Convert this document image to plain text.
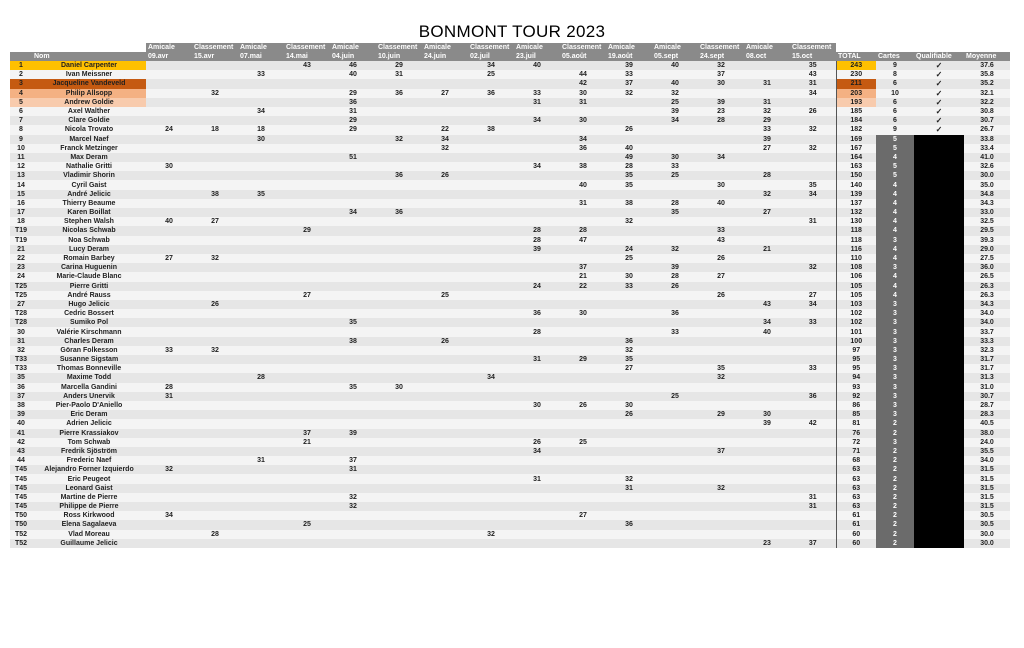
BONMONT TOUR 2023
		Amicale	Classement	Amicale	Classement	Amicale	Classement	Amicale	Classement	Amicale	Classement	Amicale	Amicale	Classement	Amicale	Classement				
	Nom	09.avr	15.avr	07.mai	14.mai	04.juin	10.juin	24.juin	02.juil	23.juil	05.août	19.août	05.sept	24.sept	08.oct	15.oct	TOTAL	Cartes	Qualifiable	Moyenne
1	Daniel Carpenter				43	46	29		34	40		39	40	32		35	243	9	✓	37.6
2	Ivan Meissner			33		40	31		25		44	33		37		43	230	8	✓	35.8
3	Jacqueline Vandeveld										42	37	40	30	31	31	211	6	✓	35.2
4	Philip Allsopp		32			29	36	27	36	33	30	32	32			34	203	10	✓	32.1
5	Andrew Goldie					36				31	31		25	39	31		193	6	✓	32.2
6	Axel Walther			34		31							39	23	32	26	185	6	✓	30.8
7	Clare Goldie					29				34	30		34	28	29		184	6	✓	30.7
8	Nicola Trovato	24	18	18		29		22	38			26			33	32	182	9	✓	26.7
9	Marcel Naef			30			32	34			34				39		169	5		33.8
10	Franck Metzinger							32			36	40			27	32	167	5		33.4
11	Max Deram					51						49	30	34			164	4		41.0
12	Nathalie Gritti	30								34	38	28	33				163	5		32.6
13	Vladimir Shorin						36	26				35	25		28		150	5		30.0
14	Cyril Gaist										40	35		30		35	140	4		35.0
15	André Jelicic		38	35											32	34	139	4		34.8
16	Thierry Beaume										31	38	28	40			137	4		34.3
17	Karen Boillat					34	36						35		27		132	4		33.0
18	Stephen Walsh	40	27									32				31	130	4		32.5
T19	Nicolas Schwab				29					28	28			33			118	4		29.5
T19	Noa Schwab									28	47			43			118	3		39.3
21	Lucy Deram									39		24	32		21		116	4		29.0
22	Romain Barbey	27	32									25		26			110	4		27.5
23	Carina Huguenin										37		39			32	108	3		36.0
24	Marie-Claude Blanc										21	30	28	27			106	4		26.5
T25	Pierre Gritti									24	22	33	26				105	4		26.3
T25	André Rauss				27			25						26		27	105	4		26.3
27	Hugo Jelicic		26												43	34	103	3		34.3
T28	Cedric Bossert									36	30		36				102	3		34.0
T28	Sumiko Pol					35									34	33	102	3		34.0
30	Valérie Kirschmann									28			33		40		101	3		33.7
31	Charles Deram					38		26				36					100	3		33.3
32	Göran Folkesson	33	32									32					97	3		32.3
T33	Susanne Sigstam									31	29	35					95	3		31.7
T33	Thomas Bonneville											27		35		33	95	3		31.7
35	Maxime Todd			28					34					32			94	3		31.3
36	Marcella Gandini	28				35	30										93	3		31.0
37	Anders Unervik	31											25			36	92	3		30.7
38	Pier-Paolo D'Aniello									30	26	30					86	3		28.7
39	Eric Deram											26		29	30		85	3		28.3
40	Adrien Jelicic														39	42	81	2		40.5
41	Pierre Krassiakov				37	39											76	2		38.0
42	Tom Schwab				21					26	25						72	3		24.0
43	Fredrik Sjöström									34				37			71	2		35.5
44	Frederic Naef			31		37											68	2		34.0
T45	Alejandro Forner Izquierdo	32				31											63	2		31.5
T45	Eric Peugeot									31		32					63	2		31.5
T45	Leonard Gaist											31		32			63	2		31.5
T45	Martine de Pierre					32										31	63	2		31.5
T45	Philippe de Pierre					32										31	63	2		31.5
T50	Ross Kirkwood	34									27						61	2		30.5
T50	Elena Sagalaeva				25							36					61	2		30.5
T52	Vlad Moreau		28						32								60	2		30.0
T52	Guillaume Jelicic														23	37	60	2		30.0
